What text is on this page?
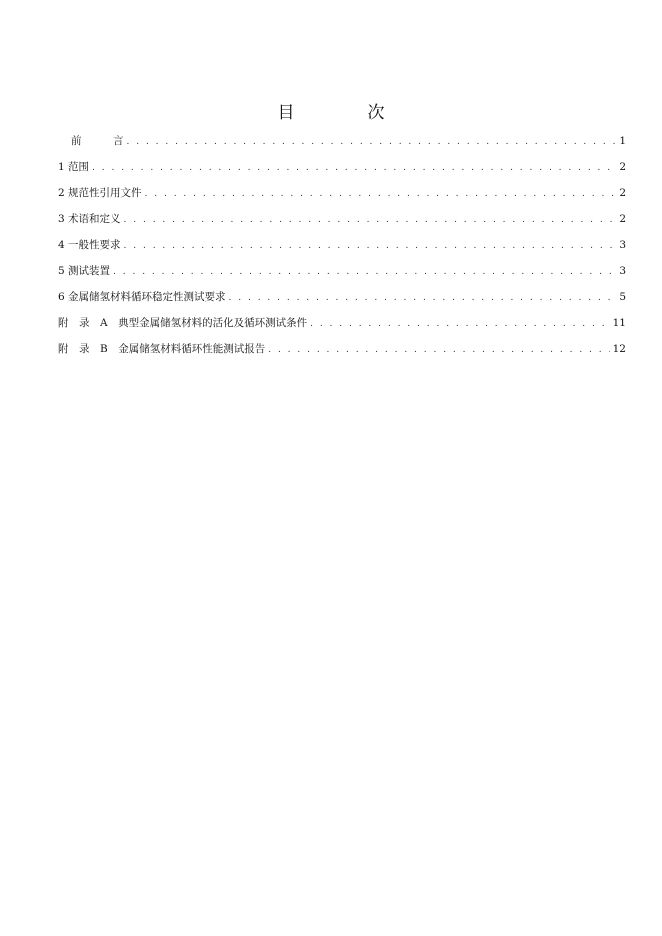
目　次
前　　　言 . . .	1
1 范围 . . .	2
2 规范性引用文件 . . .	2
3 术语和定义 . . .	2
4 一般性要求 . . .	3
5 测试装置 . . .	3
6 金属储氢材料循环稳定性测试要求 . . .	5
附　录　A　典型金属储氢材料的活化及循环测试条件 . . .	11
附　录　B　金属储氢材料循环性能测试报告 . . .	12
